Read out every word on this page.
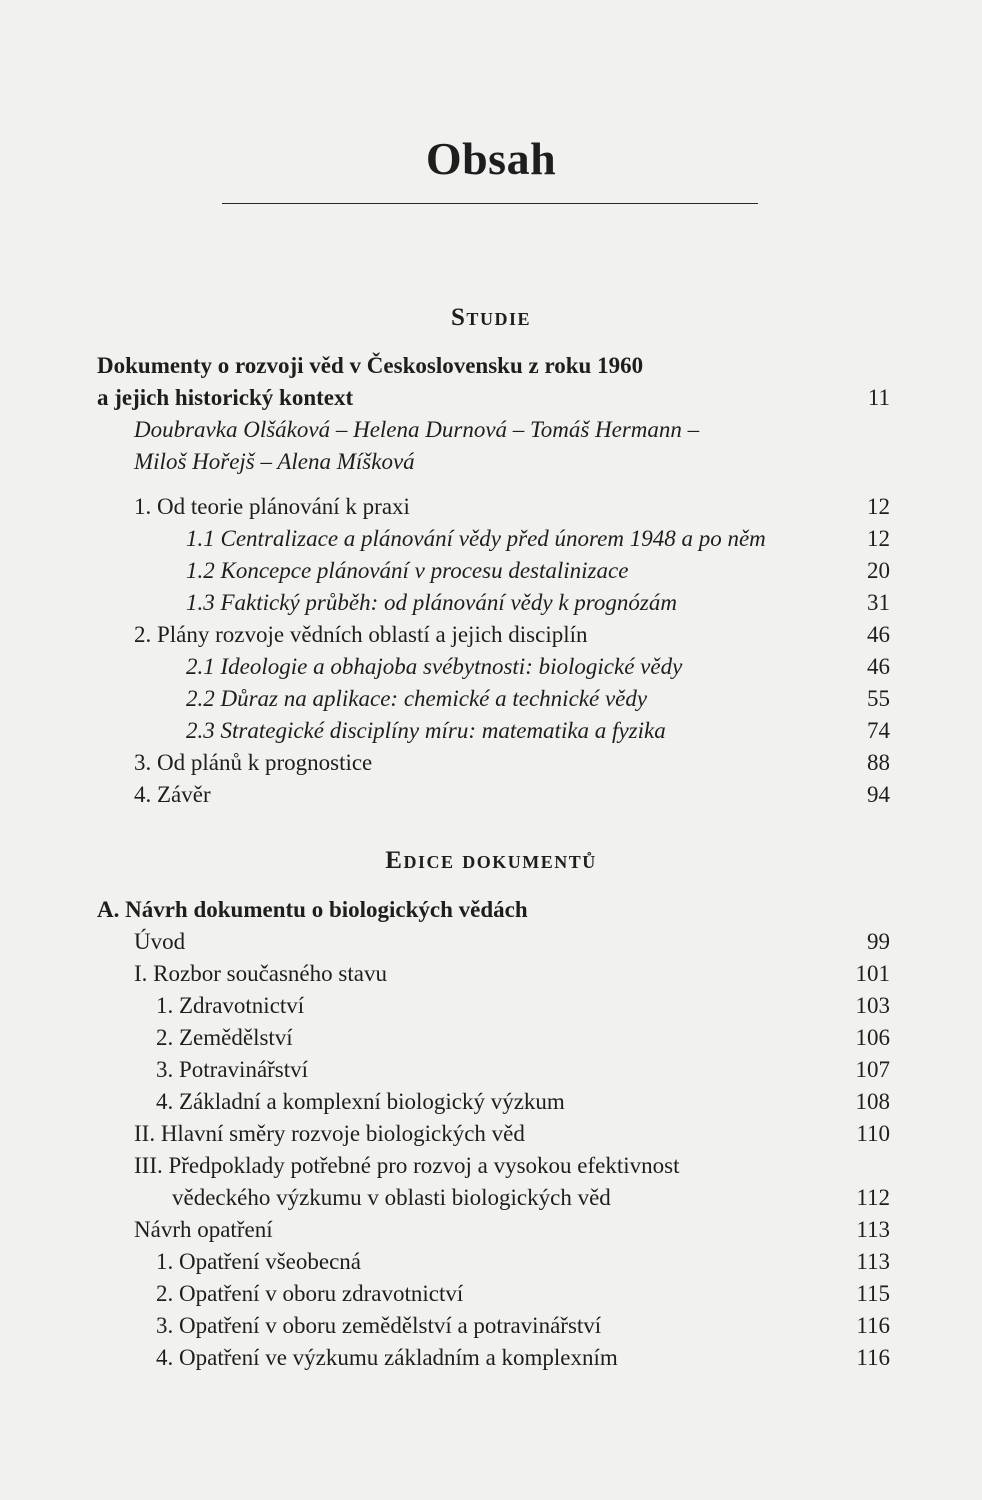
Obsah
Studie
Dokumenty o rozvoji věd v Československu z roku 1960
a jejich historický kontext	11
Doubravka Olšáková – Helena Durnová – Tomáš Hermann –
Miloš Hořejš – Alena Míšková
1. Od teorie plánování k praxi	12
1.1 Centralizace a plánování vědy před únorem 1948 a po něm	12
1.2 Koncepce plánování v procesu destalinizace	20
1.3 Faktický průběh: od plánování vědy k prognózám	31
2. Plány rozvoje vědních oblastí a jejich disciplín	46
2.1 Ideologie a obhajoba svébytnosti: biologické vědy	46
2.2 Důraz na aplikace: chemické a technické vědy	55
2.3 Strategické disciplíny míru: matematika a fyzika	74
3. Od plánů k prognostice	88
4. Závěr	94
Edice dokumentů
A. Návrh dokumentu o biologických vědách
Úvod	99
I. Rozbor současného stavu	101
1. Zdravotnictví	103
2. Zemědělství	106
3. Potravinářství	107
4. Základní a komplexní biologický výzkum	108
II. Hlavní směry rozvoje biologických věd	110
III. Předpoklady potřebné pro rozvoj a vysokou efektivnost
vědeckého výzkumu v oblasti biologických věd	112
Návrh opatření	113
1. Opatření všeobecná	113
2. Opatření v oboru zdravotnictví	115
3. Opatření v oboru zemědělství a potravinářství	116
4. Opatření ve výzkumu základním a komplexním	116
